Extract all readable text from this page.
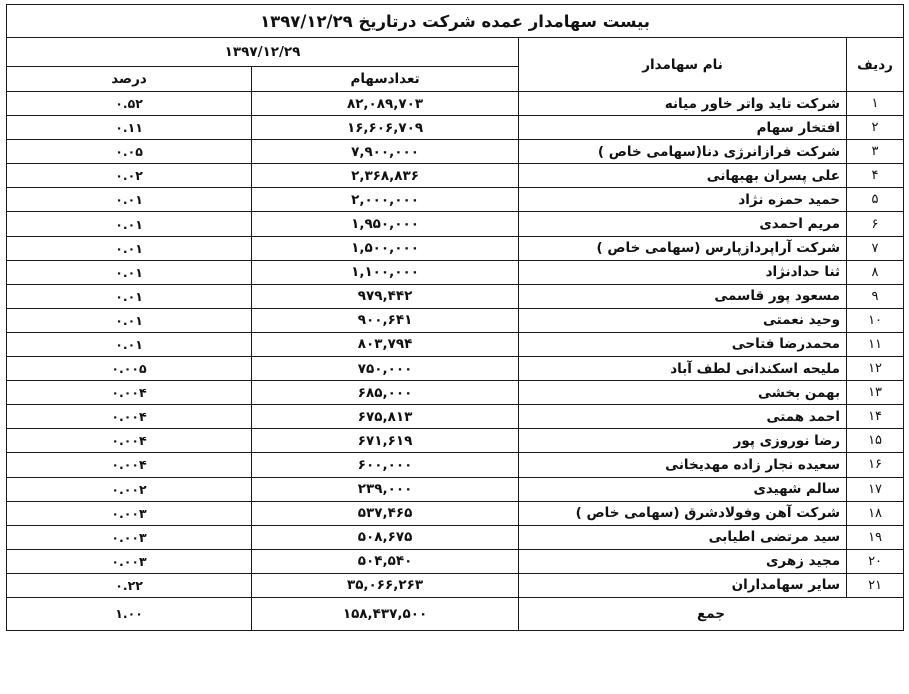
بیست سهامدار عمده شرکت درتاریخ ۱۳۹۷/۱۲/۲۹			
ردیف	نام سهامدار	۱۳۹۷/۱۲/۲۹	
		تعدادسهام	درصد
۱	شرکت تاید واتر خاور میانه	۸۲,۰۸۹,۷۰۳	۰.۵۲
۲	افتخار سهام	۱۶,۶۰۶,۷۰۹	۰.۱۱
۳	شرکت فرازانرژی دنا(سهامی خاص )	۷,۹۰۰,۰۰۰	۰.۰۵
۴	علی پسران بهبهانی	۲,۳۶۸,۸۳۶	۰.۰۲
۵	حمید حمزه نژاد	۲,۰۰۰,۰۰۰	۰.۰۱
۶	مریم احمدی	۱,۹۵۰,۰۰۰	۰.۰۱
۷	شرکت آراپردازپارس (سهامی خاص )	۱,۵۰۰,۰۰۰	۰.۰۱
۸	ثنا حدادنژاد	۱,۱۰۰,۰۰۰	۰.۰۱
۹	مسعود پور قاسمی	۹۷۹,۴۴۲	۰.۰۱
۱۰	وحید نعمتی	۹۰۰,۶۴۱	۰.۰۱
۱۱	محمدرضا فتاحی	۸۰۳,۷۹۴	۰.۰۱
۱۲	ملیحه اسکندانی لطف آباد	۷۵۰,۰۰۰	۰.۰۰۵
۱۳	بهمن بخشی	۶۸۵,۰۰۰	۰.۰۰۴
۱۴	احمد همتی	۶۷۵,۸۱۳	۰.۰۰۴
۱۵	رضا نوروزی پور	۶۷۱,۶۱۹	۰.۰۰۴
۱۶	سعیده نجار زاده مهدیخانی	۶۰۰,۰۰۰	۰.۰۰۴
۱۷	سالم شهیدی	۲۳۹,۰۰۰	۰.۰۰۲
۱۸	شرکت آهن وفولادشرق (سهامی خاص )	۵۳۷,۴۶۵	۰.۰۰۳
۱۹	سید مرتضی اطیابی	۵۰۸,۶۷۵	۰.۰۰۳
۲۰	مجید زهری	۵۰۴,۵۴۰	۰.۰۰۳
۲۱	سایر سهامداران	۳۵,۰۶۶,۲۶۳	۰.۲۲
جمع		۱۵۸,۴۳۷,۵۰۰	۱.۰۰
